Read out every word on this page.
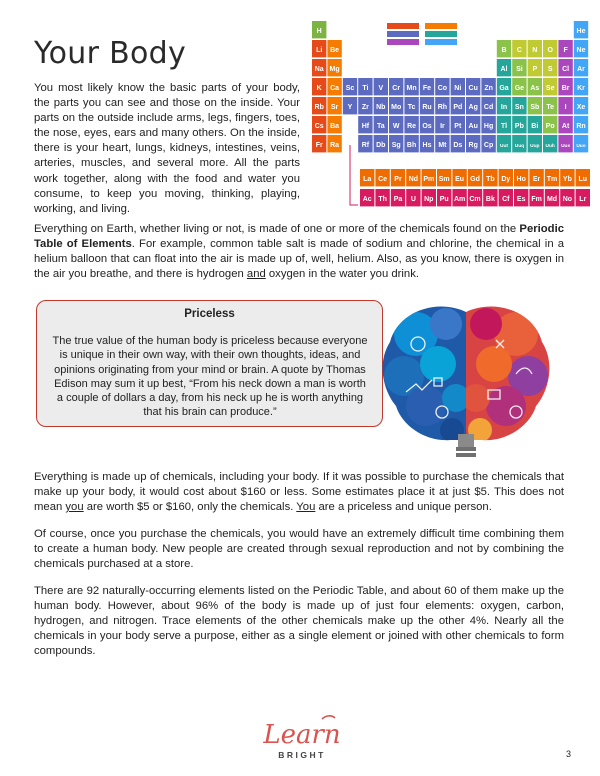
Your Body

You most likely know the basic parts of your body, the parts you can see and those on the inside. Your parts on the outside include arms, legs, fingers, toes, the nose, eyes, ears and many others. On the inside, there is your heart, lungs, kidneys, intestines, veins, arteries, muscles, and several more. All the parts work together, along with the food and water you consume, to keep you moving, thinking, playing, working, and living.

H	He
Li Be	B C N O F Ne
Na Mg	Al Si P S Cl Ar
K Ca Sc Ti V Cr Mn Fe Co Ni Cu Zn Ga Ge As Se Br Kr
Rb Sr Y Zr Nb Mo Tc Ru Rh Pd Ag Cd In Sn Sb Te I Xe
Cs Ba	Hf Ta W Re Os Ir Pt Au Hg Tl Pb Bi Po At Rn
Fr Ra	Rf Db Sg Bh Hs Mt Ds Rg Cp Uut Uuq Uup Uuh Uus Uuo
La Ce Pr Nd Pm Sm Eu Gd Tb Dy Ho Er Tm Yb Lu
Ac Th Pa U Np Pu Am Cm Bk Cf Es Fm Md No Lr

Everything on Earth, whether living or not, is made of one or more of the chemicals found on the Periodic Table of Elements. For example, common table salt is made of sodium and chlorine, the chemical in a helium balloon that can float into the air is made up of, well, helium. Also, as you know, there is oxygen in the air you breathe, and there is hydrogen and oxygen in the water you drink.

Priceless

The true value of the human body is priceless because everyone is unique in their own way, with their own thoughts, ideas, and opinions originating from your mind or brain. A quote by Thomas Edison may sum it up best, “From his neck down a man is worth a couple of dollars a day, from his neck up he is worth anything that his brain can produce.”

Everything is made up of chemicals, including your body. If it was possible to purchase the chemicals that make up your body, it would cost about $160 or less. Some estimates place it at just $5. This does not mean you are worth $5 or $160, only the chemicals. You are a priceless and unique person.

Of course, once you purchase the chemicals, you would have an extremely difficult time combining them to create a human body. New people are created through sexual reproduction and not by combining the chemicals purchased at a store.

There are 92 naturally-occurring elements listed on the Periodic Table, and about 60 of them make up the human body. However, about 96% of the body is made up of just four elements: oxygen, carbon, hydrogen, and nitrogen. Trace elements of the other chemicals make up the other 4%. Nearly all the chemicals in your body serve a purpose, either as a single element or joined with other chemicals to form compounds.

Learn
BRIGHT	3
